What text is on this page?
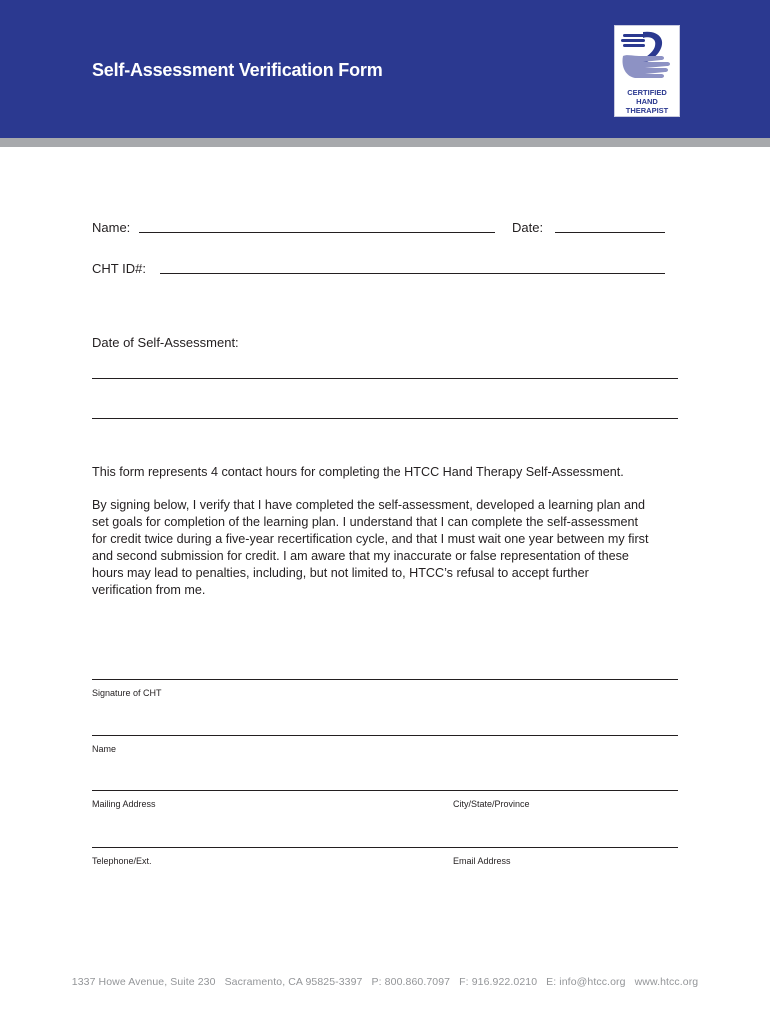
Self-Assessment Verification Form
CERTIFIED
HAND
THERAPIST
Name:	Date:
CHT ID#:
Date of Self-Assessment:

This form represents 4 contact hours for completing the HTCC Hand Therapy Self-Assessment.

By signing below, I verify that I have completed the self-assessment, developed a learning plan and
set goals for completion of the learning plan. I understand that I can complete the self-assessment
for credit twice during a five-year recertification cycle, and that I must wait one year between my first
and second submission for credit. I am aware that my inaccurate or false representation of these
hours may lead to penalties, including, but not limited to, HTCC’s refusal to accept further
verification from me.
Signature of CHT
Name
Mailing Address	City/State/Province
Telephone/Ext.	Email Address
1337 Howe Avenue, Suite 230 Sacramento, CA 95825-3397 P: 800.860.7097 F: 916.922.0210 E: info@htcc.org www.htcc.org
